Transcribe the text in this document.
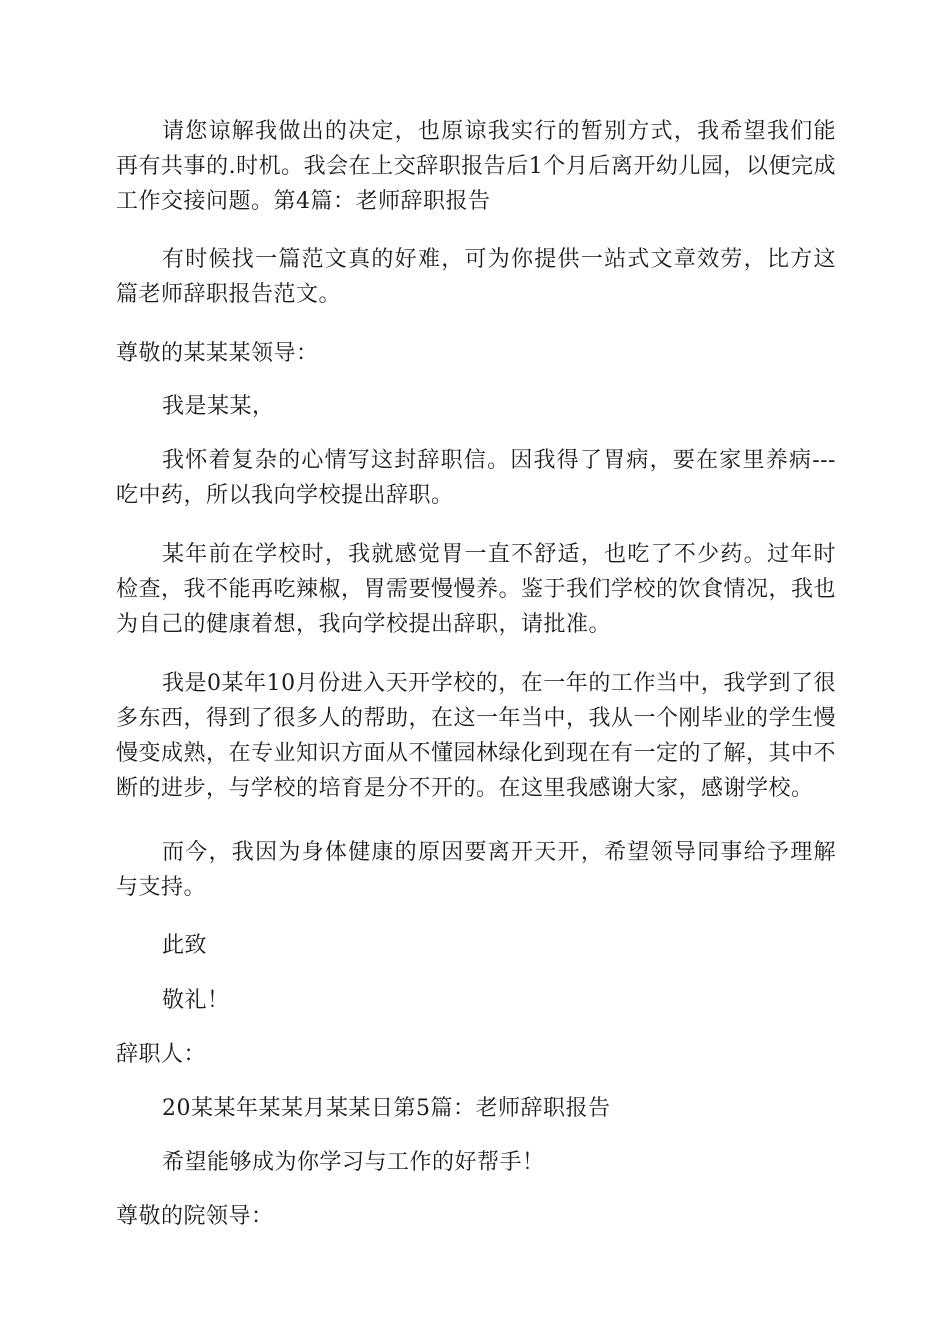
请您谅解我做出的决定，也原谅我实行的暂别方式，我希望我们能再有共事的.时机。我会在上交辞职报告后1个月后离开幼儿园，以便完成工作交接问题。第4篇：老师辞职报告

有时候找一篇范文真的好难，可为你提供一站式文章效劳，比方这篇老师辞职报告范文。

尊敬的某某某领导：

我是某某，

我怀着复杂的心情写这封辞职信。因我得了胃病，要在家里养病---吃中药，所以我向学校提出辞职。

某年前在学校时，我就感觉胃一直不舒适，也吃了不少药。过年时检查，我不能再吃辣椒，胃需要慢慢养。鉴于我们学校的饮食情况，我也为自己的健康着想，我向学校提出辞职，请批准。

我是0某年10月份进入天开学校的，在一年的工作当中，我学到了很多东西，得到了很多人的帮助，在这一年当中，我从一个刚毕业的学生慢慢变成熟，在专业知识方面从不懂园林绿化到现在有一定的了解，其中不断的进步，与学校的培育是分不开的。在这里我感谢大家，感谢学校。

而今，我因为身体健康的原因要离开天开，希望领导同事给予理解与支持。

此致

敬礼！

辞职人：

20某某年某某月某某日第5篇：老师辞职报告

希望能够成为你学习与工作的好帮手！

尊敬的院领导：
